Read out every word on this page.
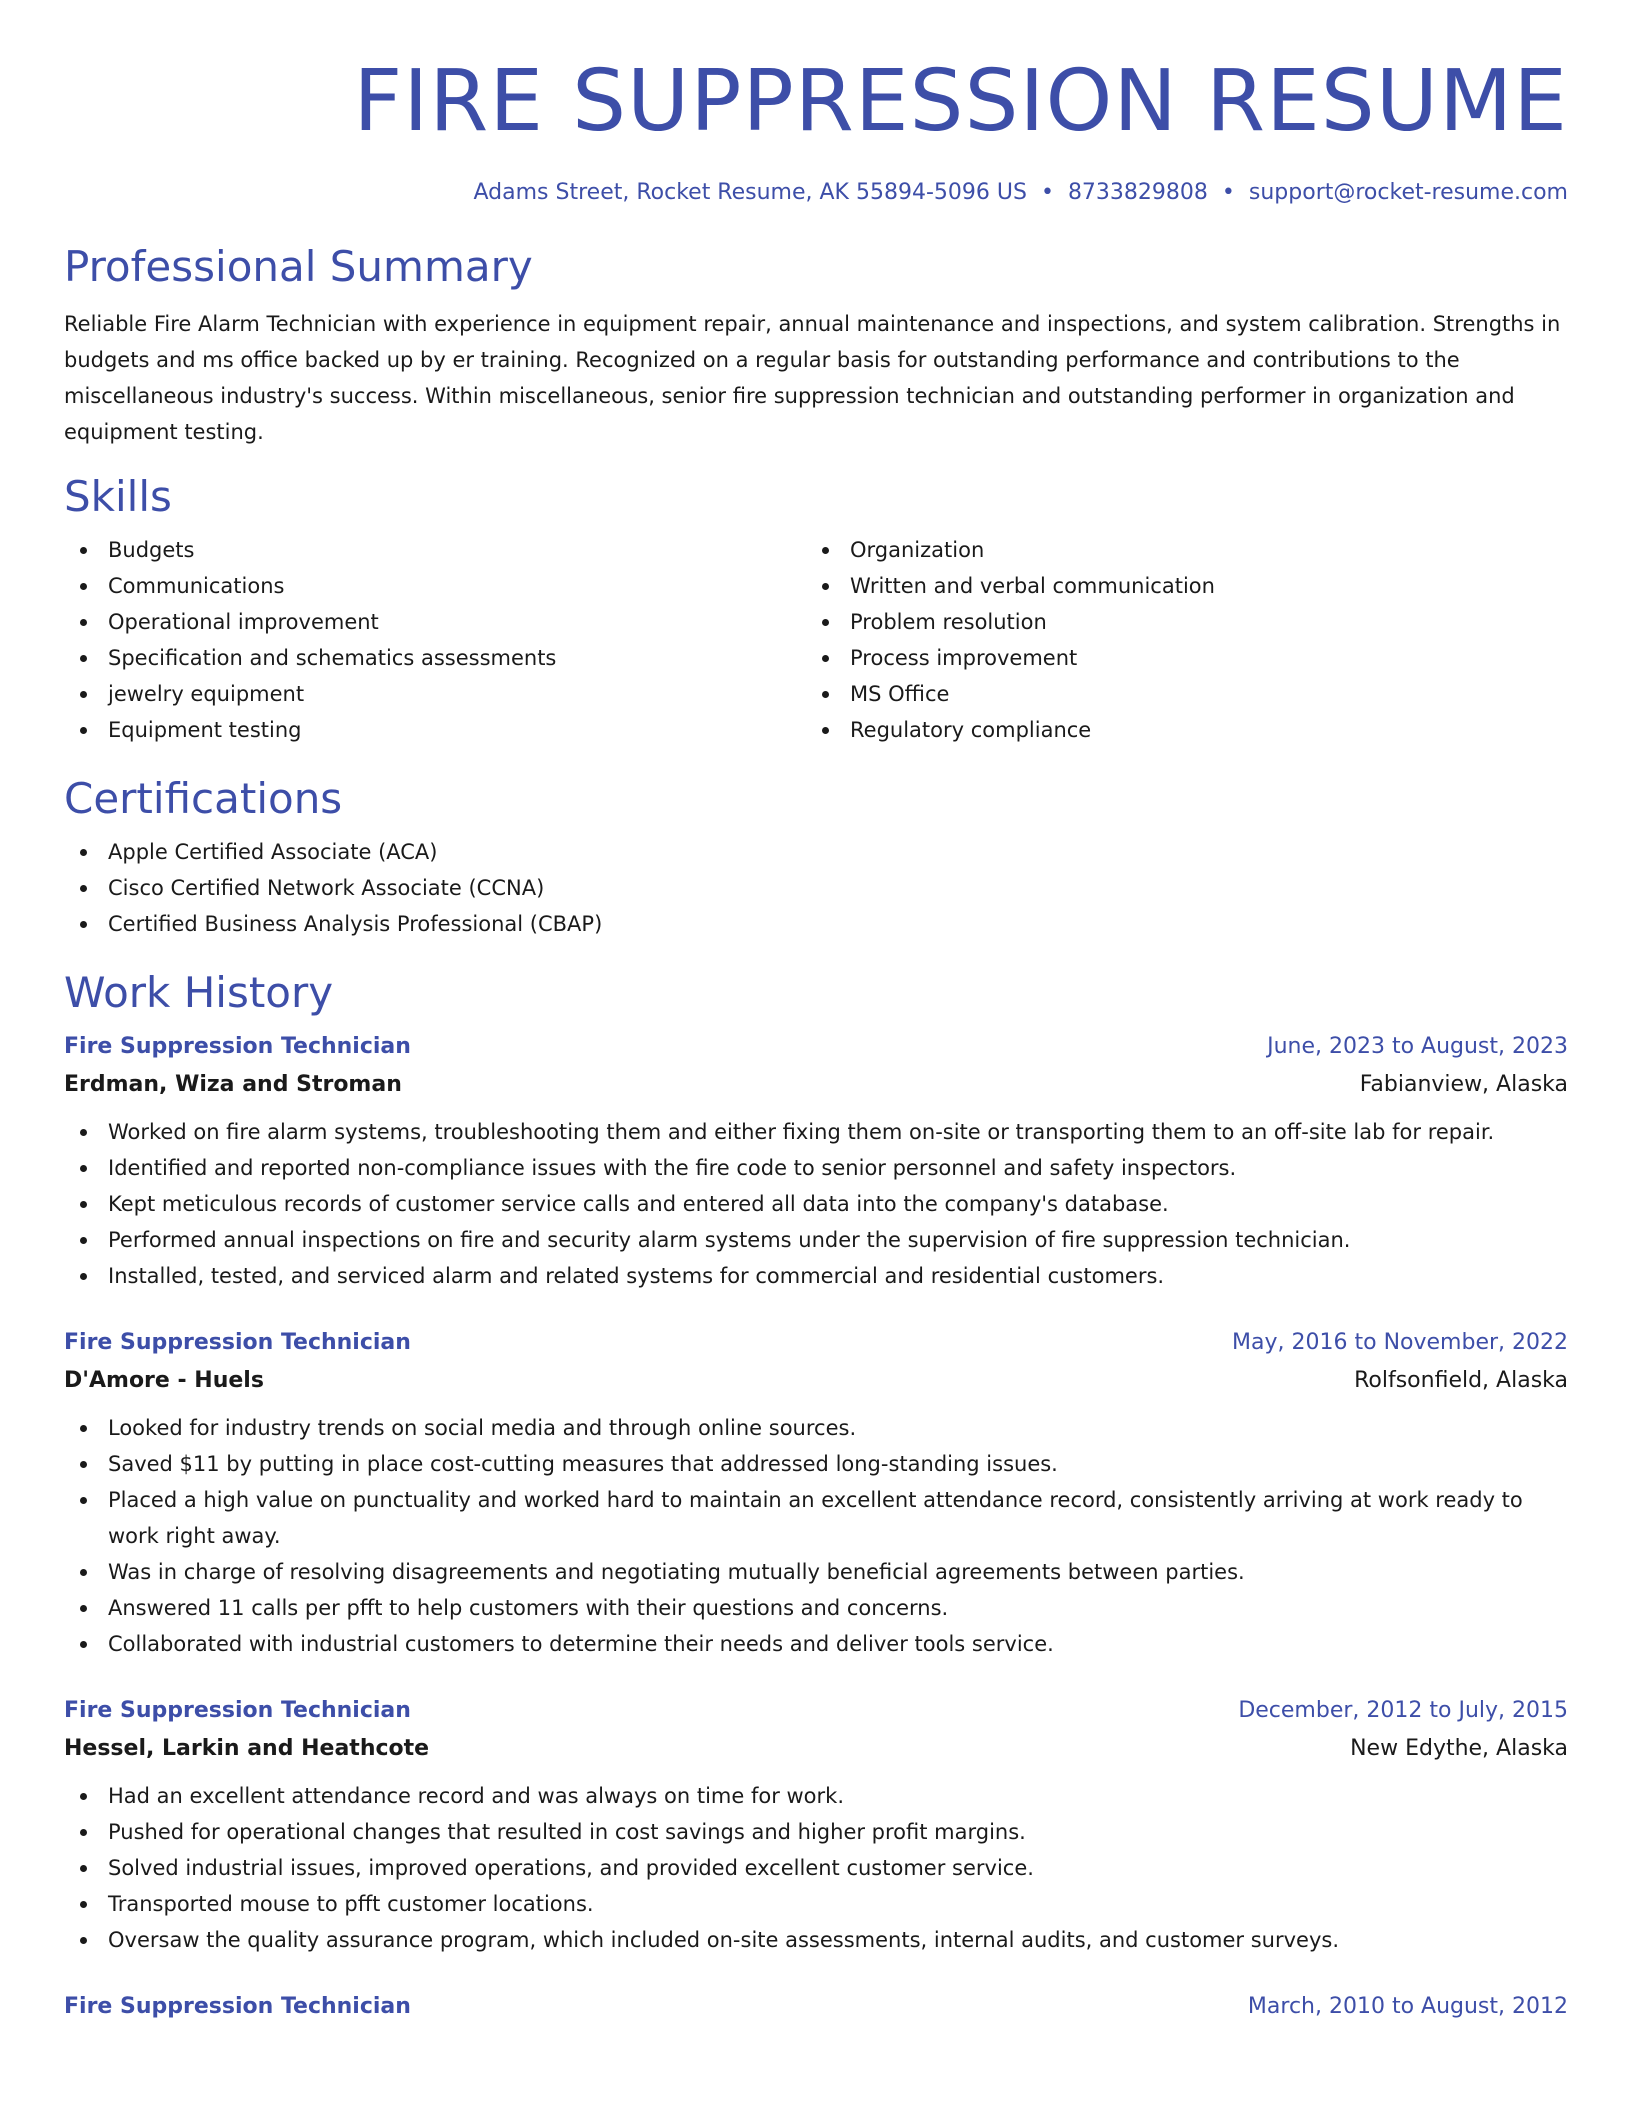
FIRE SUPPRESSION RESUME
Adams Street, Rocket Resume, AK 55894-5096 US • 8733829808 • support@rocket-resume.com
Professional Summary

Reliable Fire Alarm Technician with experience in equipment repair, annual maintenance and inspections, and system calibration. Strengths in budgets and ms office backed up by er training. Recognized on a regular basis for outstanding performance and contributions to the miscellaneous industry's success. Within miscellaneous, senior fire suppression technician and outstanding performer in organization and equipment testing.

Skills
Budgets
Communications
Operational improvement
Specification and schematics assessments
jewelry equipment
Equipment testing
Organization
Written and verbal communication
Problem resolution
Process improvement
MS Office
Regulatory compliance
Certifications
Apple Certified Associate (ACA)
Cisco Certified Network Associate (CCNA)
Certified Business Analysis Professional (CBAP)
Work History
Fire Suppression Technician	June, 2023 to August, 2023
Erdman, Wiza and Stroman	Fabianview, Alaska
Worked on fire alarm systems, troubleshooting them and either fixing them on-site or transporting them to an off-site lab for repair.
Identified and reported non-compliance issues with the fire code to senior personnel and safety inspectors.
Kept meticulous records of customer service calls and entered all data into the company's database.
Performed annual inspections on fire and security alarm systems under the supervision of fire suppression technician.
Installed, tested, and serviced alarm and related systems for commercial and residential customers.
Fire Suppression Technician	May, 2016 to November, 2022
D'Amore - Huels	Rolfsonfield, Alaska
Looked for industry trends on social media and through online sources.
Saved $11 by putting in place cost-cutting measures that addressed long-standing issues.
Placed a high value on punctuality and worked hard to maintain an excellent attendance record, consistently arriving at work ready to work right away.
Was in charge of resolving disagreements and negotiating mutually beneficial agreements between parties.
Answered 11 calls per pfft to help customers with their questions and concerns.
Collaborated with industrial customers to determine their needs and deliver tools service.
Fire Suppression Technician	December, 2012 to July, 2015
Hessel, Larkin and Heathcote	New Edythe, Alaska
Had an excellent attendance record and was always on time for work.
Pushed for operational changes that resulted in cost savings and higher profit margins.
Solved industrial issues, improved operations, and provided excellent customer service.
Transported mouse to pfft customer locations.
Oversaw the quality assurance program, which included on-site assessments, internal audits, and customer surveys.
Fire Suppression Technician	March, 2010 to August, 2012
